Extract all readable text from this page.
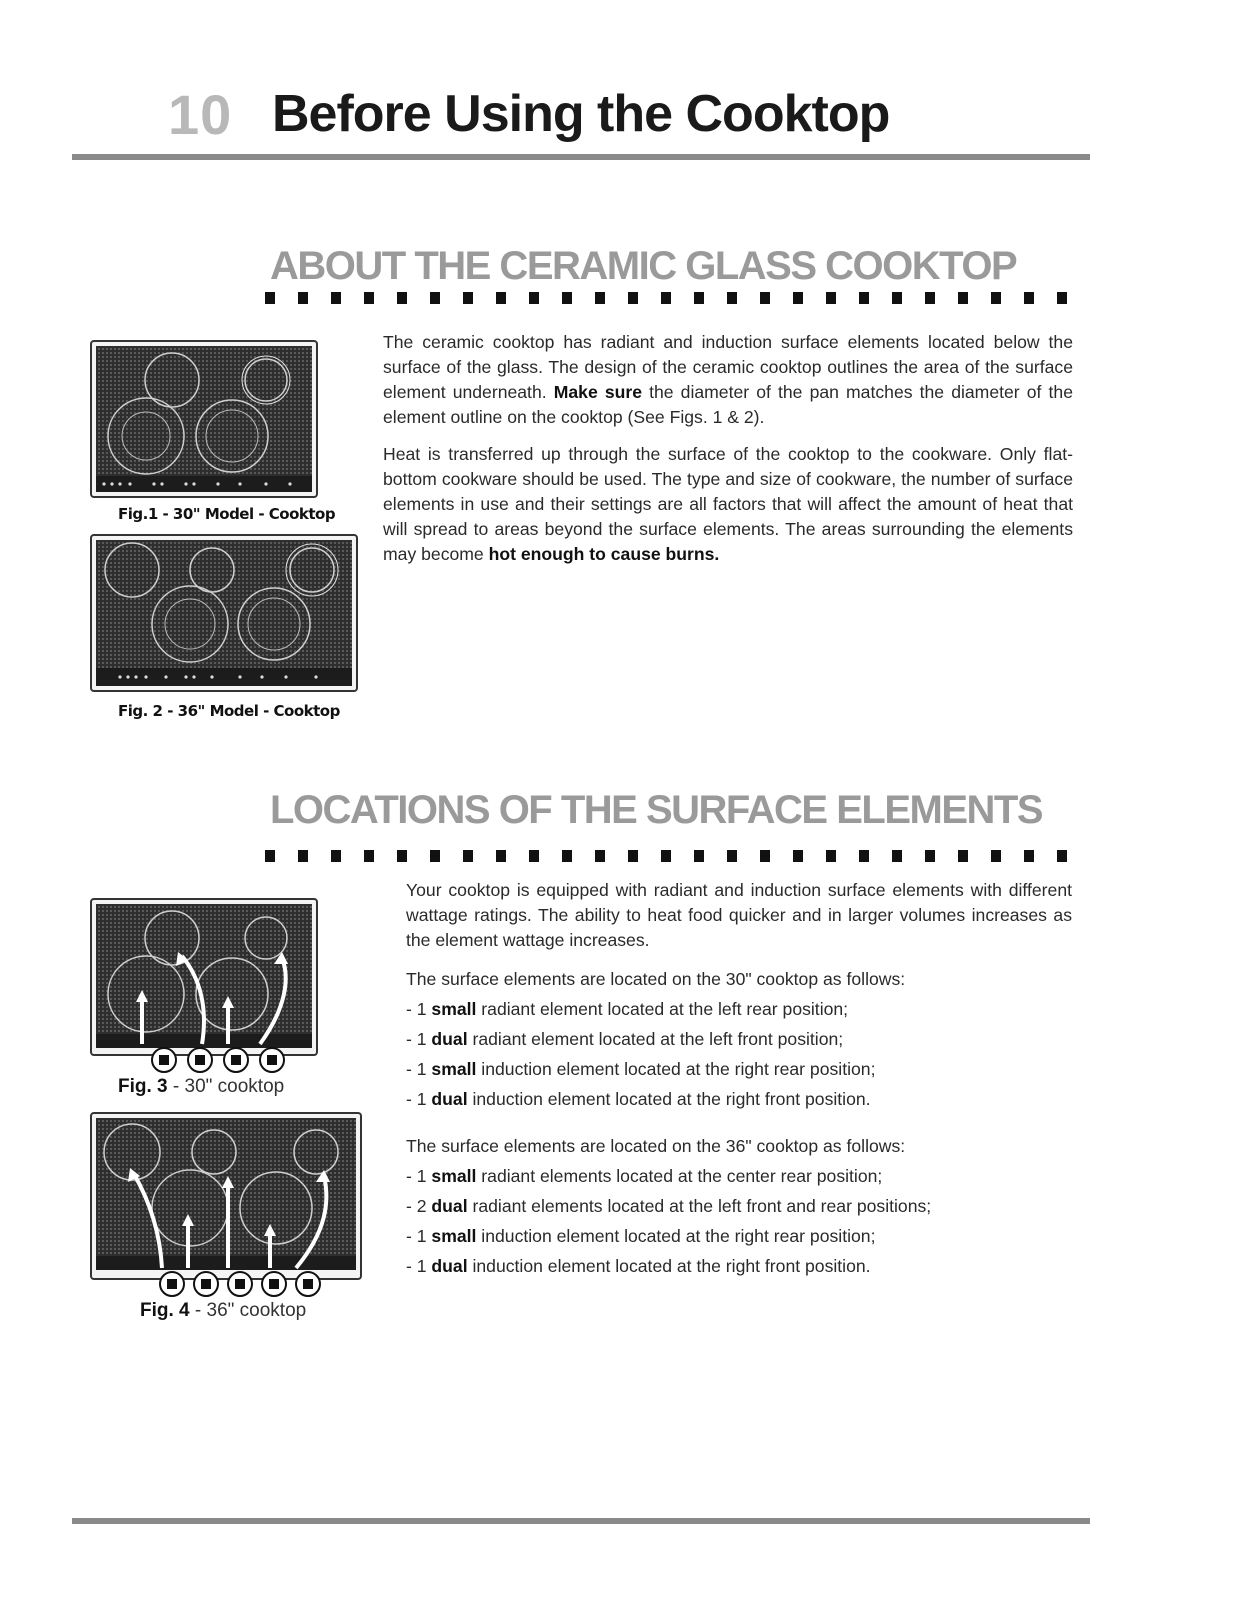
10 Before Using the Cooktop
ABOUT THE CERAMIC GLASS COOKTOP
Fig.1 - 30" Model - Cooktop
Fig. 2 - 36" Model - Cooktop

The ceramic cooktop has radiant and induction surface elements located below the surface of the glass. The design of the ceramic cooktop outlines the area of the surface element underneath. Make sure the diameter of the pan matches the diameter of the element outline on the cooktop (See Figs. 1 & 2).

Heat is transferred up through the surface of the cooktop to the cookware. Only flat-bottom cookware should be used. The type and size of cookware, the number of surface elements in use and their settings are all factors that will affect the amount of heat that will spread to areas beyond the surface elements. The areas surrounding the elements may become hot enough to cause burns.

LOCATIONS OF THE SURFACE ELEMENTS
Fig. 3 - 30" cooktop
Fig. 4 - 36" cooktop

Your cooktop is equipped with radiant and induction surface elements with different wattage ratings. The ability to heat food quicker and in larger volumes increases as the element wattage increases.

The surface elements are located on the 30" cooktop as follows:

- 1 small radiant element located at the left rear position;

- 1 dual radiant element located at the left front position;

- 1 small induction element located at the right rear position;

- 1 dual induction element located at the right front position.

The surface elements are located on the 36" cooktop as follows:

- 1 small radiant elements located at the center rear position;

- 2 dual radiant elements located at the left front and rear positions;

- 1 small induction element located at the right rear position;

- 1 dual induction element located at the right front position.
